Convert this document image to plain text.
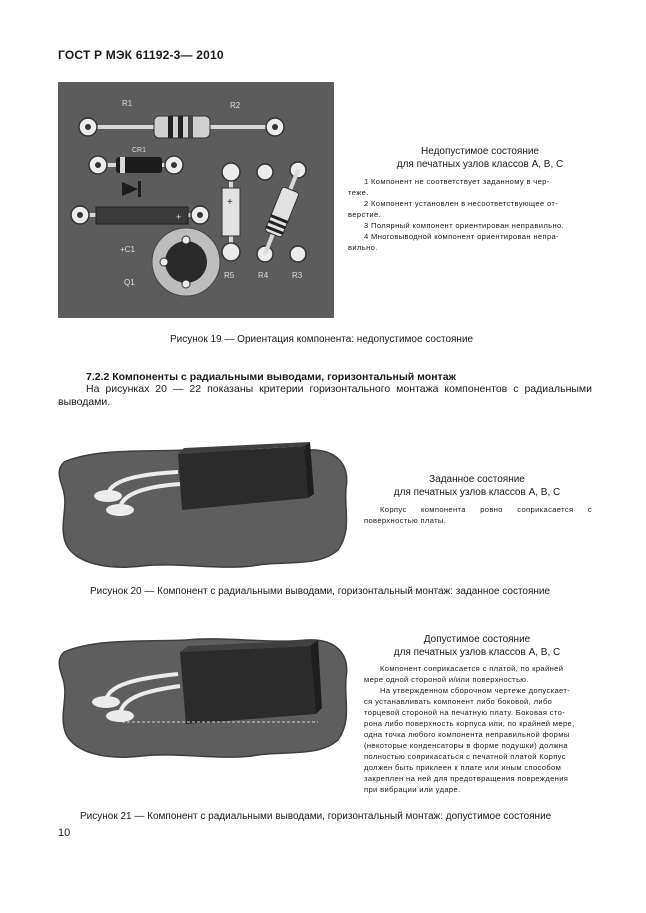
ГОСТ Р МЭК 61192-3— 2010
R1	R2
CR1
+
+C1
Q1
+
R5	R4	R3
Недопустимое состояние
для печатных узлов классов А, В, С

1 Компонент не соответствует заданному в чер-

теже.

2 Компонент установлен в несоответствующее от-

верстие.

3 Полярный компонент ориентирован неправильно.

4 Многовыводной компонент ориентирован непра-

вильно.

Рисунок 19 — Ориентация компонента: недопустимое состояние
7.2.2 Компоненты с радиальными выводами, горизонтальный монтаж
На рисунках 20 — 22 показаны критерии горизонтального монтажа компонентов с радиальными выводами.
Заданное состояние
для печатных узлов классов А, В, С

Корпус компонента ровно соприкасается с

поверхностью платы.

Рисунок 20 — Компонент с радиальными выводами, горизонтальный монтаж: заданное состояние
Допустимое состояние
для печатных узлов классов А, В, С

Компонент соприкасается с платой, по крайней

мере одной стороной и/или поверхностью.

На утвержденном сборочном чертеже допускает-

ся устанавливать компонент либо боковой, либо

торцевой стороной на печатную плату. Боковая сто-

рона либо поверхность корпуса или, по крайней мере,

одна точка любого компонента неправильной формы

(некоторые конденсаторы в форме подушки) должна

полностью соприкасаться с печатной платой Корпус

должен быть приклеен к плате или иным способом

закреплен на ней для предотвращения повреждения

при вибрации или ударе.

Рисунок 21 — Компонент с радиальными выводами, горизонтальный монтаж: допустимое состояние
10
